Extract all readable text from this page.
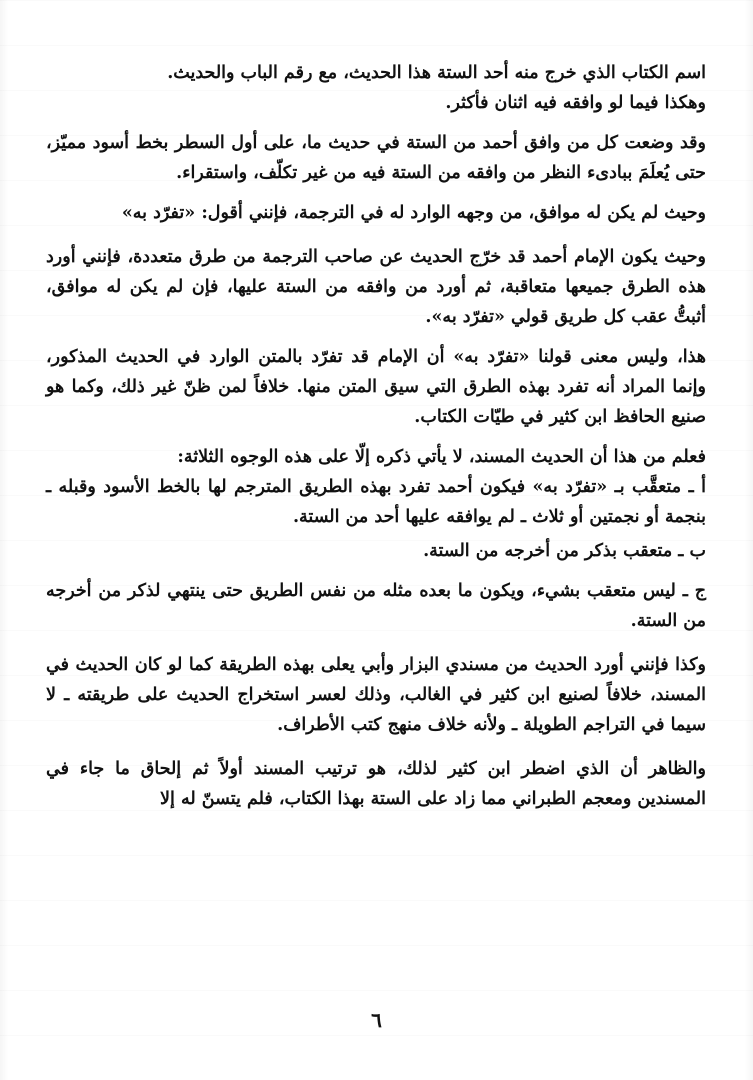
اسم الكتاب الذي خرج منه أحد الستة هذا الحديث، مع رقم الباب والحديث.

وهكذا فيما لو وافقه فيه اثنان فأكثر.

وقد وضعت كل من وافق أحمد من الستة في حديث ما، على أول السطر بخط أسود مميّز، حتى يُعلَمَ ببادىء النظر من وافقه من الستة فيه من غير تكلّف، واستقراء.

وحيث لم يكن له موافق، من وجهه الوارد له في الترجمة، فإنني أقول: «تفرّد به»

وحيث يكون الإمام أحمد قد خرّج الحديث عن صاحب الترجمة من طرق متعددة، فإنني أورد هذه الطرق جميعها متعاقبة، ثم أورد من وافقه من الستة عليها، فإن لم يكن له موافق، أثبتُّ عقب كل طريق قولي «تفرّد به».

هذا، وليس معنى قولنا «تفرّد به» أن الإمام قد تفرّد بالمتن الوارد في الحديث المذكور، وإنما المراد أنه تفرد بهذه الطرق التي سيق المتن منها. خلافاً لمن ظنّ غير ذلك، وكما هو صنيع الحافظ ابن كثير في طيّات الكتاب.

فعلم من هذا أن الحديث المسند، لا يأتي ذكره إلّا على هذه الوجوه الثلاثة:

أ ـ متعقَّب بـ «تفرّد به» فيكون أحمد تفرد بهذه الطريق المترجم لها بالخط الأسود وقبله ـ بنجمة أو نجمتين أو ثلاث ـ لم يوافقه عليها أحد من الستة.

ب ـ متعقب بذكر من أخرجه من الستة.

ج ـ ليس متعقب بشيء، ويكون ما بعده مثله من نفس الطريق حتى ينتهي لذكر من أخرجه من الستة.

وكذا فإنني أورد الحديث من مسندي البزار وأبي يعلى بهذه الطريقة كما لو كان الحديث في المسند، خلافاً لصنيع ابن كثير في الغالب، وذلك لعسر استخراج الحديث على طريقته ـ لا سيما في التراجم الطويلة ـ ولأنه خلاف منهج كتب الأطراف.

والظاهر أن الذي اضطر ابن كثير لذلك، هو ترتيب المسند أولاً ثم إلحاق ما جاء في المسندين ومعجم الطبراني مما زاد على الستة بهذا الكتاب، فلم يتسنّ له إلا

٦
